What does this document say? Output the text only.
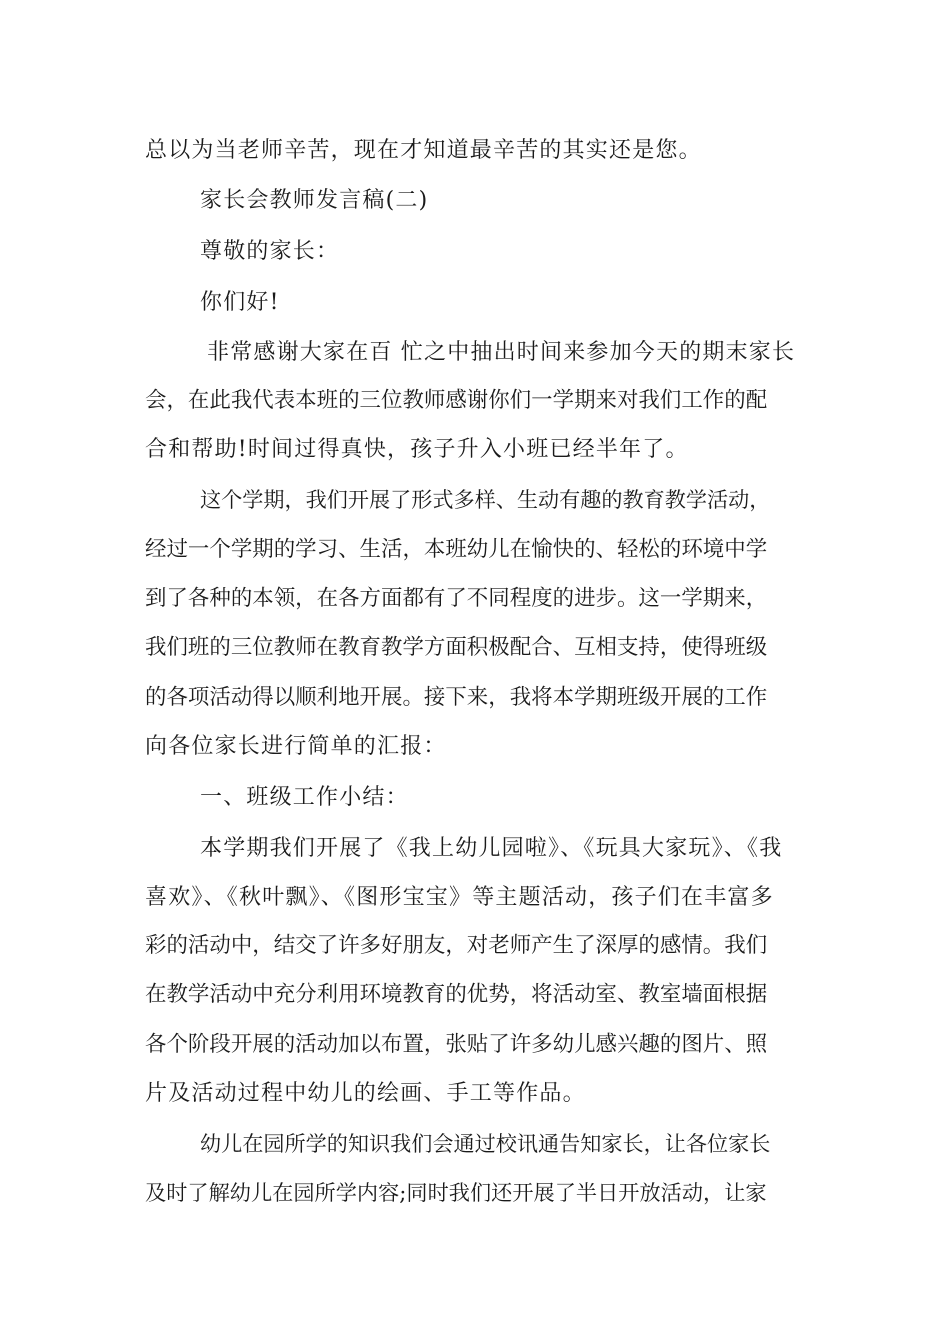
总以为当老师辛苦，现在才知道最辛苦的其实还是您。
家长会教师发言稿(二)
尊敬的家长：
你们好!
非常感谢大家在百 忙之中抽出时间来参加今天的期末家长
会，在此我代表本班的三位教师感谢你们一学期来对我们工作的配
合和帮助!时间过得真快，孩子升入小班已经半年了。
这个学期，我们开展了形式多样、生动有趣的教育教学活动，
经过一个学期的学习、生活，本班幼儿在愉快的、轻松的环境中学
到了各种的本领，在各方面都有了不同程度的进步。这一学期来，
我们班的三位教师在教育教学方面积极配合、互相支持，使得班级
的各项活动得以顺利地开展。接下来，我将本学期班级开展的工作
向各位家长进行简单的汇报：
一、班级工作小结：
本学期我们开展了《我上幼儿园啦》、《玩具大家玩》、《我
喜欢》、《秋叶飘》、《图形宝宝》等主题活动，孩子们在丰富多
彩的活动中，结交了许多好朋友，对老师产生了深厚的感情。我们
在教学活动中充分利用环境教育的优势，将活动室、教室墙面根据
各个阶段开展的活动加以布置，张贴了许多幼儿感兴趣的图片、照
片及活动过程中幼儿的绘画、手工等作品。
幼儿在园所学的知识我们会通过校讯通告知家长，让各位家长
及时了解幼儿在园所学内容;同时我们还开展了半日开放活动，让家
